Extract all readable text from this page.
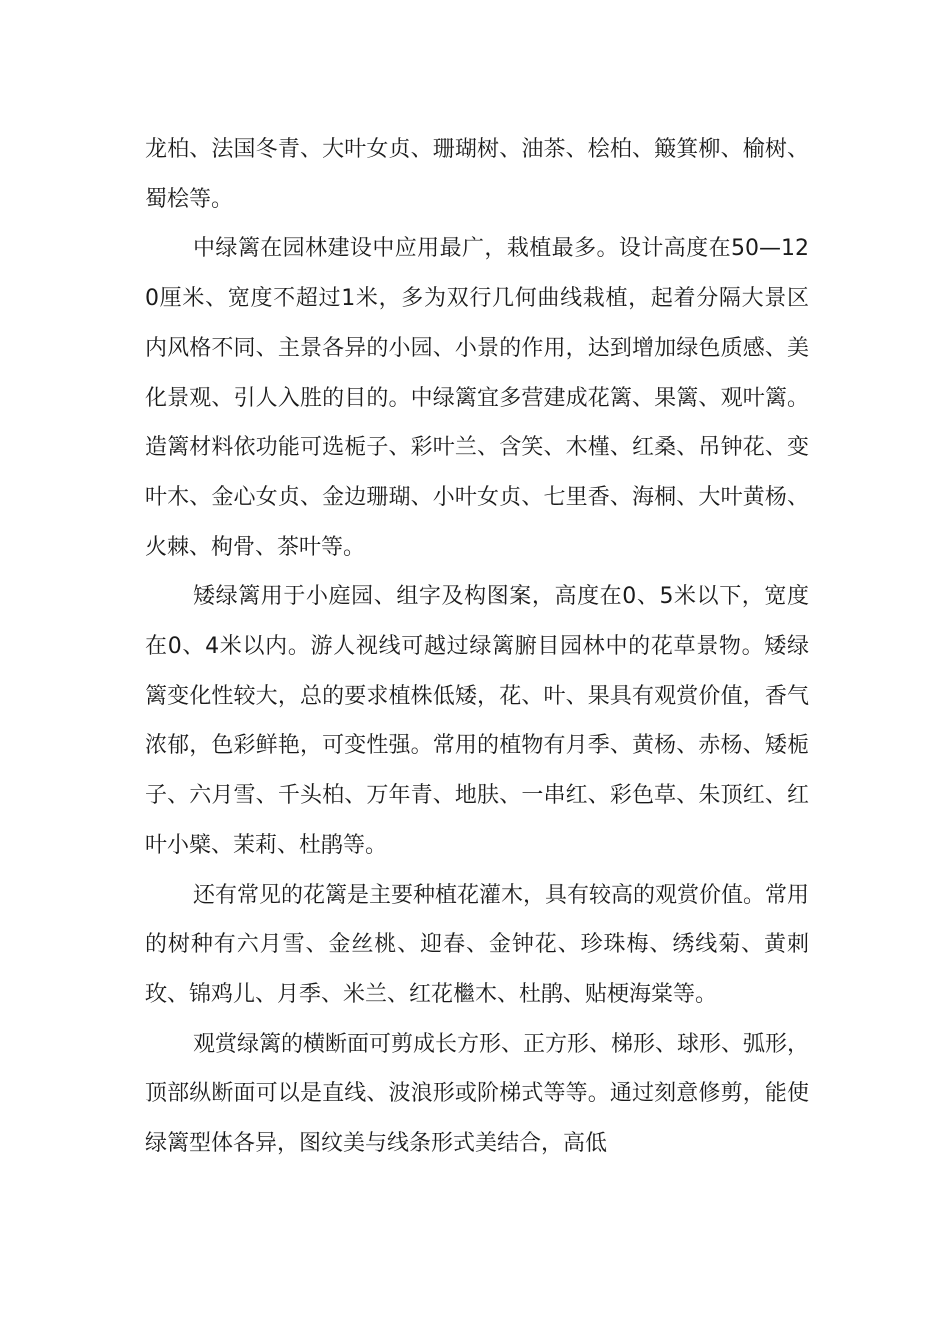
龙柏、法国冬青、大叶女贞、珊瑚树、油茶、桧柏、簸箕柳、榆树、蜀桧等。

中绿篱在园林建设中应用最广，栽植最多。设计高度在50—120厘米、宽度不超过1米，多为双行几何曲线栽植，起着分隔大景区内风格不同、主景各异的小园、小景的作用，达到增加绿色质感、美化景观、引人入胜的目的。中绿篱宜多营建成花篱、果篱、观叶篱。造篱材料依功能可选栀子、彩叶兰、含笑、木槿、红桑、吊钟花、变叶木、金心女贞、金边珊瑚、小叶女贞、七里香、海桐、大叶黄杨、火棘、枸骨、茶叶等。

矮绿篱用于小庭园、组字及构图案，高度在0、5米以下，宽度在0、4米以内。游人视线可越过绿篱腑目园林中的花草景物。矮绿篱变化性较大，总的要求植株低矮，花、叶、果具有观赏价值，香气浓郁，色彩鲜艳，可变性强。常用的植物有月季、黄杨、赤杨、矮栀子、六月雪、千头柏、万年青、地肤、一串红、彩色草、朱顶红、红叶小檗、茉莉、杜鹃等。

还有常见的花篱是主要种植花灌木，具有较高的观赏价值。常用的树种有六月雪、金丝桃、迎春、金钟花、珍珠梅、绣线菊、黄刺玫、锦鸡儿、月季、米兰、红花檵木、杜鹃、贴梗海棠等。

观赏绿篱的横断面可剪成长方形、正方形、梯形、球形、弧形，顶部纵断面可以是直线、波浪形或阶梯式等等。通过刻意修剪，能使绿篱型体各异，图纹美与线条形式美结合，高低
